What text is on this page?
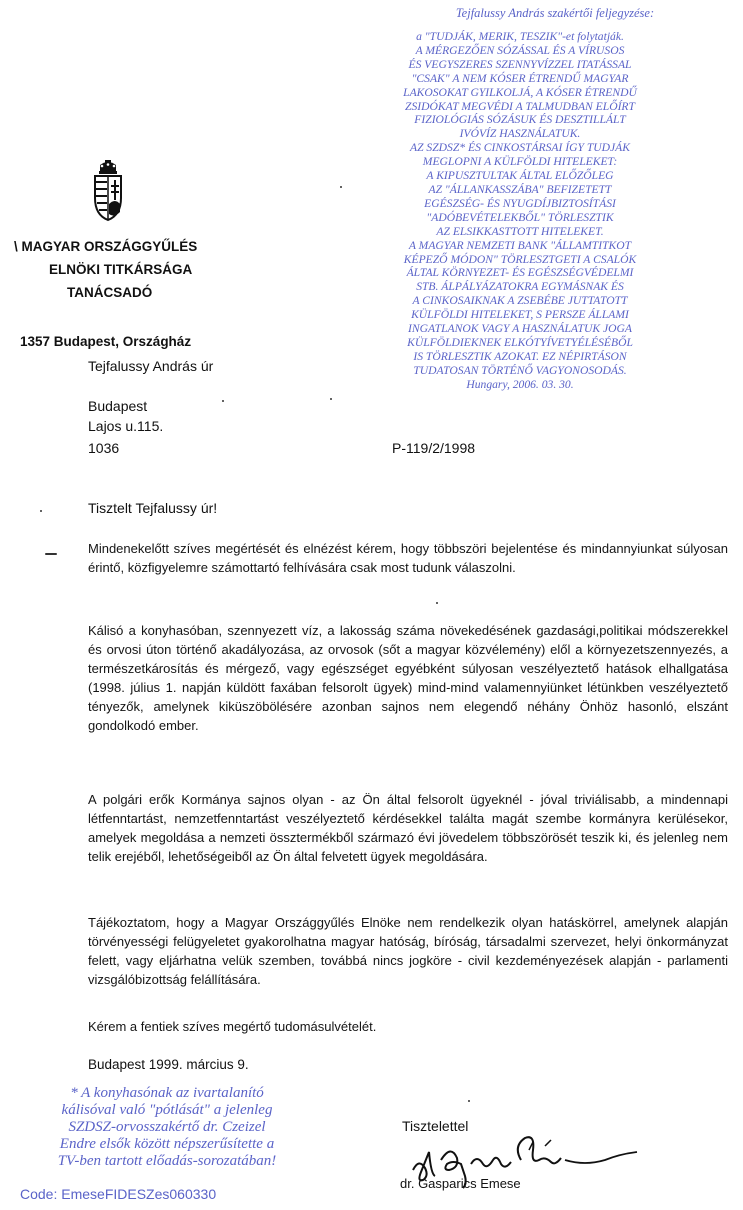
Tejfalussy András szakértői feljegyzése:
a "TUDJÁK, MERIK, TESZIK"-et folytatják.
A MÉRGEZŐEN SÓZÁSSAL ÉS A VÍRUSOS
ÉS VEGYSZERES SZENNYVÍZZEL ITATÁSSAL
"CSAK" A NEM KÓSER ÉTRENDŰ MAGYAR
LAKOSOKAT GYILKOLJÁ, A KÓSER ÉTRENDŰ
ZSIDÓKAT MEGVÉDI A TALMUDBAN ELŐÍRT
FIZIOLÓGIÁS SÓZÁSUK ÉS DESZTILLÁLT
IVÓVÍZ HASZNÁLATUK.
AZ SZDSZ* ÉS CINKOSTÁRSAI ÍGY TUDJÁK
MEGLOPNI A KÜLFÖLDI HITELEKET:
A KIPUSZTULTAK ÁLTAL ELŐZŐLEG
AZ "ÁLLANKASSZÁBA" BEFIZETETT
EGÉSZSÉG- ÉS NYUGDÍJBIZTOSÍTÁSI
"ADÓBEVÉTELEKBŐL" TÖRLESZTIK
AZ ELSIKKASTTOTT HITELEKET.
A MAGYAR NEMZETI BANK "ÁLLAMTITKOT
KÉPEZŐ MÓDON" TÖRLESZTGETI A CSALÓK
ÁLTAL KÖRNYEZET- ÉS EGÉSZSÉGVÉDELMI
STB. ÁLPÁLYÁZATOKRA EGYMÁSNAK ÉS
A CINKOSAIKNAK A ZSEBÉBE JUTTATOTT
KÜLFÖLDI HITELEKET, S PERSZE ÁLLAMI
INGATLANOK VAGY A HASZNÁLATUK JOGA
KÜLFÖLDIEKNEK ELKÓTYÍVETYÉLÉSÉBŐL
IS TÖRLESZTIK AZOKAT. EZ NÉPIRTÁSON
TUDATOSAN TÖRTÉNŐ VAGYONOSODÁS.
Hungary, 2006. 03. 30.
\ MAGYAR ORSZÁGGYŰLÉS
ELNÖKI TITKÁRSÁGA
TANÁCSADÓ
1357 Budapest, Országház
Tejfalussy András úr
Budapest
Lajos u.115.
1036	P-119/2/1998
Tisztelt Tejfalussy úr!
Mindenekelőtt szíves megértését és elnézést kérem, hogy többszöri bejelentése és mindannyiunkat súlyosan érintő, közfigyelemre számottartó felhívására csak most tudunk válaszolni.
Kálisó a konyhasóban, szennyezett víz, a lakosság száma növekedésének gazdasági,politikai módszerekkel és orvosi úton történő akadályozása, az orvosok (sőt a magyar közvélemény) elől a környezetszennyezés, a természetkárosítás és mérgező, vagy egészséget egyébként súlyosan veszélyeztető hatások elhallgatása (1998. július 1. napján küldött faxában felsorolt ügyek) mind-mind valamennyiünket létünkben veszélyeztető tényezők, amelynek kiküszöbölésére azonban sajnos nem elegendő néhány Önhöz hasonló, elszánt gondolkodó ember.
A polgári erők Kormánya sajnos olyan - az Ön által felsorolt ügyeknél - jóval triviálisabb, a mindennapi létfenntartást, nemzetfenntartást veszélyeztető kérdésekkel találta magát szembe kormányra kerülésekor, amelyek megoldása a nemzeti össztermékből származó évi jövedelem többszörösét teszik ki, és jelenleg nem telik erejéből, lehetőségeiből az Ön által felvetett ügyek megoldására.
Tájékoztatom, hogy a Magyar Országgyűlés Elnöke nem rendelkezik olyan hatáskörrel, amelynek alapján törvényességi felügyeletet gyakorolhatna magyar hatóság, bíróság, társadalmi szervezet, helyi önkormányzat felett, vagy eljárhatna velük szemben, továbbá nincs jogköre - civil kezdeményezések alapján - parlamenti vizsgálóbizottság felállítására.
Kérem a fentiek szíves megértő tudomásulvételét.
Budapest 1999. március 9.
* A konyhasónak az ivartalanító
kálisóval való "pótlását" a jelenleg
SZDSZ-orvosszakértő dr. Czeizel
Endre elsők között népszerűsítette a
TV-ben tartott előadás-sorozatában!
Code: EmeseFIDESZes060330
Tisztelettel
dr. Gasparics Emese
